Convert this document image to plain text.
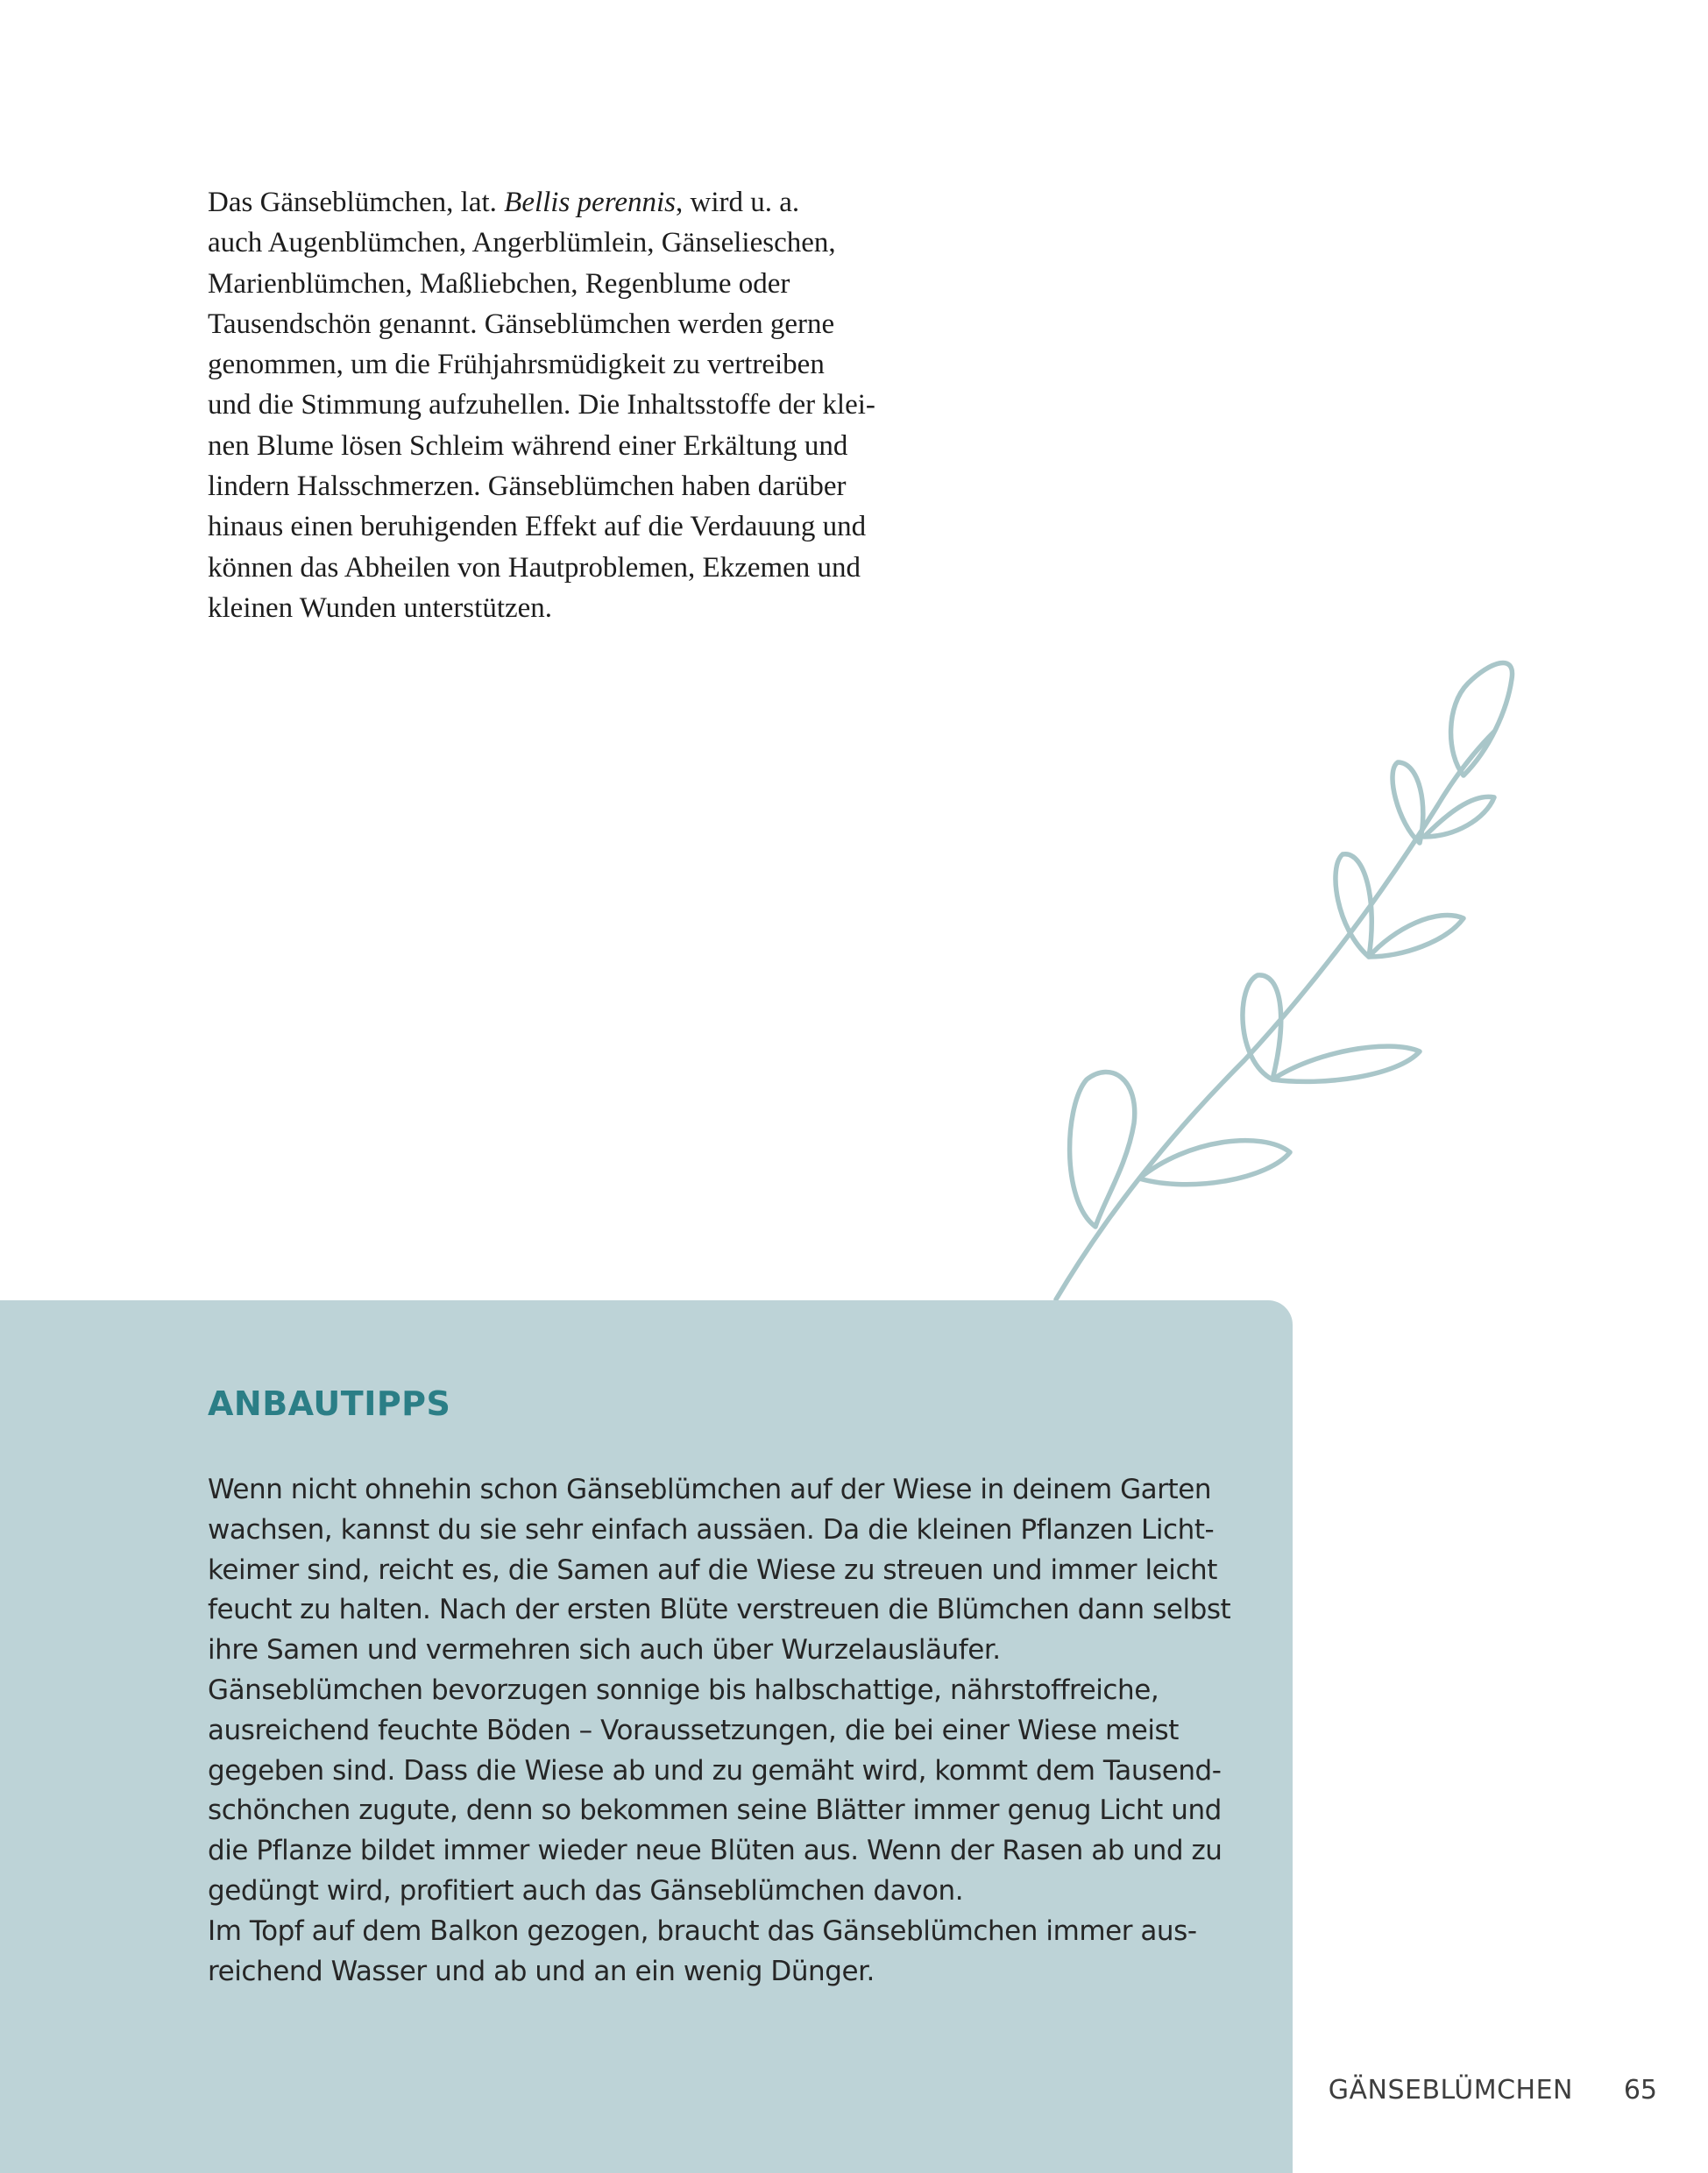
Das Gänseblümchen, lat. Bellis perennis, wird u. a.
auch Augenblümchen, Angerblümlein, Gänselieschen,
Marienblümchen, Maßliebchen, Regenblume oder
Tausendschön genannt. Gänseblümchen werden gerne
genommen, um die Frühjahrsmüdigkeit zu vertreiben
und die Stimmung aufzuhellen. Die Inhaltsstoffe der klei-
nen Blume lösen Schleim während einer Erkältung und
lindern Halsschmerzen. Gänseblümchen haben darüber
hinaus einen beruhigenden Effekt auf die Verdauung und
können das Abheilen von Hautproblemen, Ekzemen und
kleinen Wunden unterstützen.
ANBAUTIPPS
Wenn nicht ohnehin schon Gänseblümchen auf der Wiese in deinem Garten
wachsen, kannst du sie sehr einfach aussäen. Da die kleinen Pflanzen Licht-
keimer sind, reicht es, die Samen auf die Wiese zu streuen und immer leicht
feucht zu halten. Nach der ersten Blüte verstreuen die Blümchen dann selbst
ihre Samen und vermehren sich auch über Wurzelausläufer.
Gänseblümchen bevorzugen sonnige bis halbschattige, nährstoffreiche,
ausreichend feuchte Böden – Voraussetzungen, die bei einer Wiese meist
gegeben sind. Dass die Wiese ab und zu gemäht wird, kommt dem Tausend-
schönchen zugute, denn so bekommen seine Blätter immer genug Licht und
die Pflanze bildet immer wieder neue Blüten aus. Wenn der Rasen ab und zu
gedüngt wird, profitiert auch das Gänseblümchen davon.
Im Topf auf dem Balkon gezogen, braucht das Gänseblümchen immer aus-
reichend Wasser und ab und an ein wenig Dünger.
GÄNSEBLÜMCHEN 65
